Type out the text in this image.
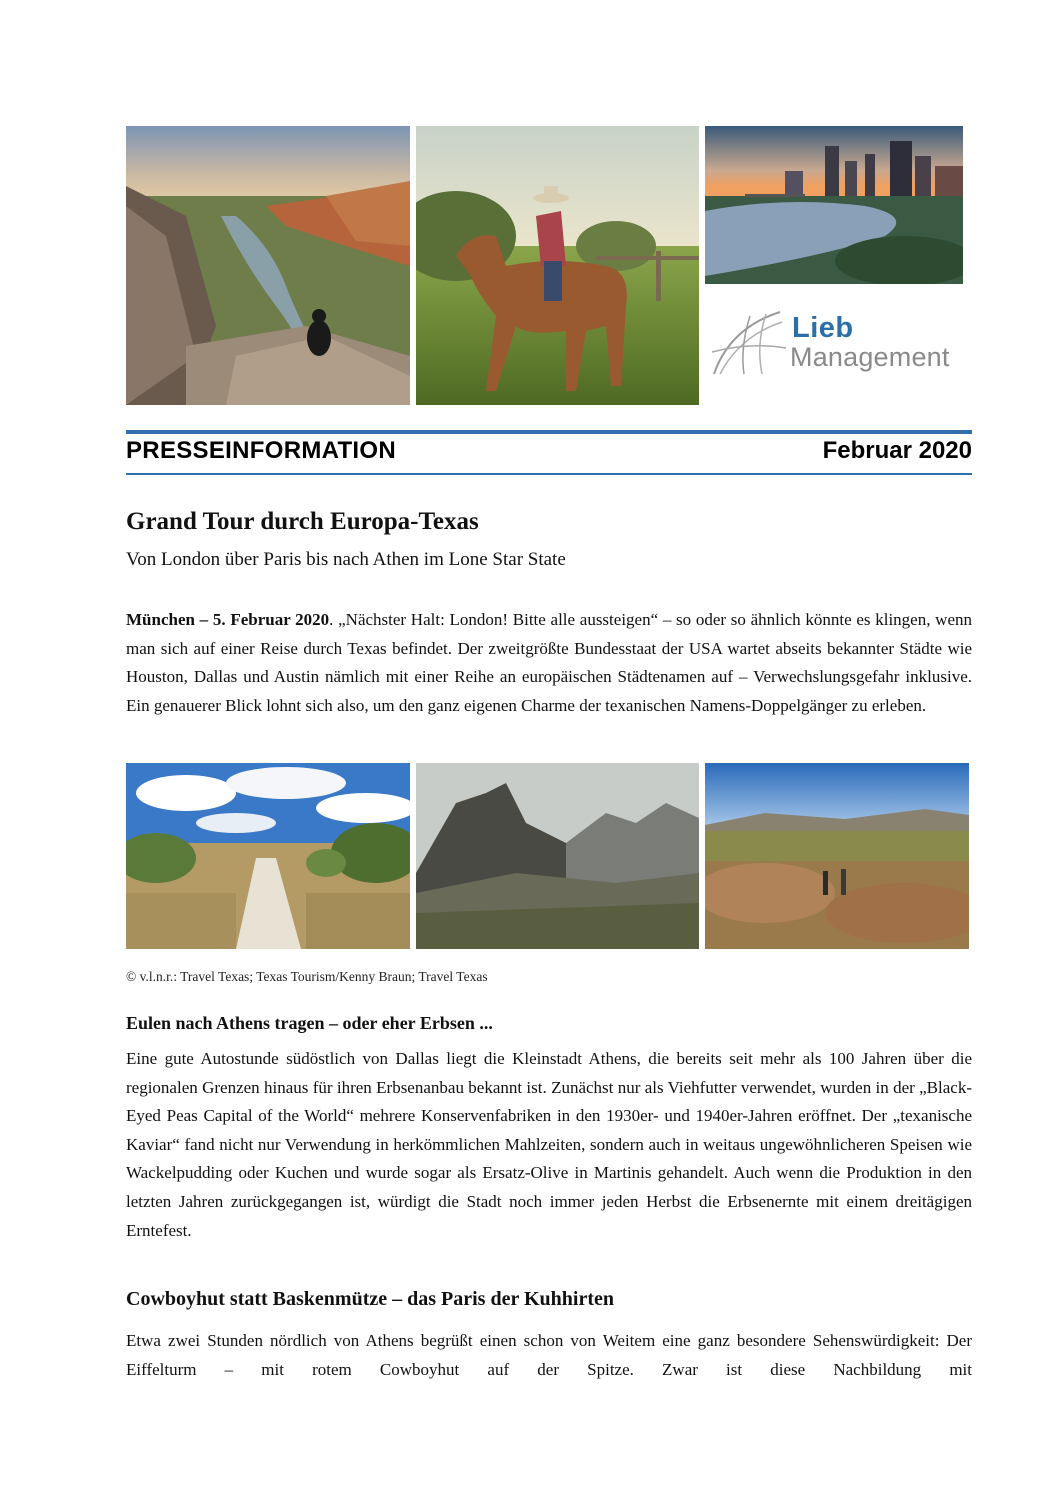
Lieb
Management
PRESSEINFORMATION	Februar 2020
Grand Tour durch Europa-Texas
Von London über Paris bis nach Athen im Lone Star State

München – 5. Februar 2020. „Nächster Halt: London! Bitte alle aussteigen“ – so oder so ähnlich könnte es klingen, wenn man sich auf einer Reise durch Texas befindet. Der zweitgrößte Bundesstaat der USA wartet abseits bekannter Städte wie Houston, Dallas und Austin nämlich mit einer Reihe an europäischen Städtenamen auf – Verwechslungsgefahr inklusive. Ein genauerer Blick lohnt sich also, um den ganz eigenen Charme der texanischen Namens-Doppelgänger zu erleben.

© v.l.n.r.: Travel Texas; Texas Tourism/Kenny Braun; Travel Texas
Eulen nach Athens tragen – oder eher Erbsen ...

Eine gute Autostunde südöstlich von Dallas liegt die Kleinstadt Athens, die bereits seit mehr als 100 Jahren über die regionalen Grenzen hinaus für ihren Erbsenanbau bekannt ist. Zunächst nur als Viehfutter verwendet, wurden in der „Black-Eyed Peas Capital of the World“ mehrere Konservenfabriken in den 1930er- und 1940er-Jahren eröffnet. Der „texanische Kaviar“ fand nicht nur Verwendung in herkömmlichen Mahlzeiten, sondern auch in weitaus ungewöhnlicheren Speisen wie Wackelpudding oder Kuchen und wurde sogar als Ersatz-Olive in Martinis gehandelt. Auch wenn die Produktion in den letzten Jahren zurückgegangen ist, würdigt die Stadt noch immer jeden Herbst die Erbsenernte mit einem dreitägigen Erntefest.

Cowboyhut statt Baskenmütze – das Paris der Kuhhirten

Etwa zwei Stunden nördlich von Athens begrüßt einen schon von Weitem eine ganz besondere Sehenswürdigkeit: Der Eiffelturm – mit rotem Cowboyhut auf der Spitze. Zwar ist diese Nachbildung mit
